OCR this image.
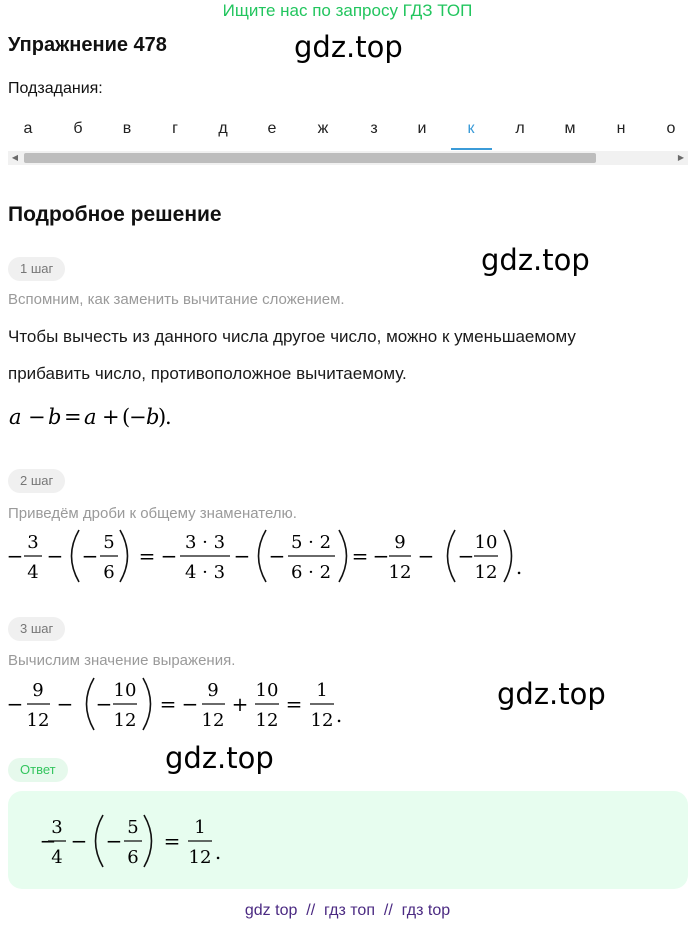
Ищите нас по запросу ГДЗ ТОП
Упражнение 478	gdz.top
Подзадания:
а	б	в	г	д	е	ж	з	и	к	л	м	н	о
◀	▶
Подробное решение
gdz.top
1 шаг
Вспомним, как заменить вычитание сложением.
Чтобы вычесть из данного числа другое число, можно к уменьшаемому
прибавить число, противоположное вычитаемому.
a − b = a + (
− b
)
.
2 шаг
Приведём дроби к общему знаменателю.
−
3
4
− −
5
6
= −
3 · 3
4 · 3
− −
5 · 2
6 · 2
= −
9
12
− −
10
12 .
3 шаг
Вычислим значение выражения.
−
9
12
− −
10
12
= −
9
12
+
10
12
=
1
12 .
gdz.top
Ответ	gdz.top
−
3
4
− −
5
6
=
1
12 .
gdz top  //  гдз топ  //  гдз top
